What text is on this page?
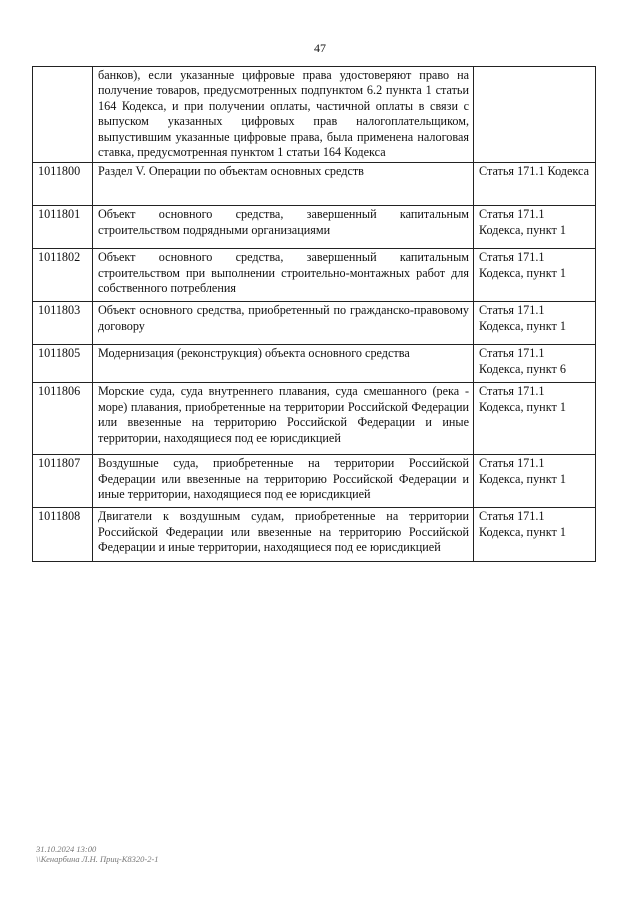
47
	банков), если указанные цифровые права удостоверяют право на получение товаров, предусмотренных подпунктом 6.2 пункта 1 статьи 164 Кодекса, и при получении оплаты, частичной оплаты в связи с выпуском указанных цифровых прав налогоплательщиком, выпустившим указанные цифровые права, была применена налоговая ставка, предусмотренная пунктом 1 статьи 164 Кодекса	
1011800	Раздел V. Операции по объектам основных средств	Статья 171.1 Кодекса
1011801	Объект основного средства, завершенный капитальным строительством подрядными организациями	Статья 171.1 Кодекса, пункт 1
1011802	Объект основного средства, завершенный капитальным строительством при выполнении строительно-монтажных работ для собственного потребления	Статья 171.1 Кодекса, пункт 1
1011803	Объект основного средства, приобретенный по гражданско-правовому договору	Статья 171.1 Кодекса, пункт 1
1011805	Модернизация (реконструкция) объекта основного средства	Статья 171.1 Кодекса, пункт 6
1011806	Морские суда, суда внутреннего плавания, суда смешанного (река - море) плавания, приобретенные на территории Российской Федерации или ввезенные на территорию Российской Федерации и иные территории, находящиеся под ее юрисдикцией	Статья 171.1 Кодекса, пункт 1
1011807	Воздушные суда, приобретенные на территории Российской Федерации или ввезенные на территорию Российской Федерации и иные территории, находящиеся под ее юрисдикцией	Статья 171.1 Кодекса, пункт 1
1011808	Двигатели к воздушным судам, приобретенные на территории Российской Федерации или ввезенные на территорию Российской Федерации и иные территории, находящиеся под ее юрисдикцией	Статья 171.1 Кодекса, пункт 1
31.10.2024 13:00
\\Кенарбина Л.Н. Приц-К8320-2-1
